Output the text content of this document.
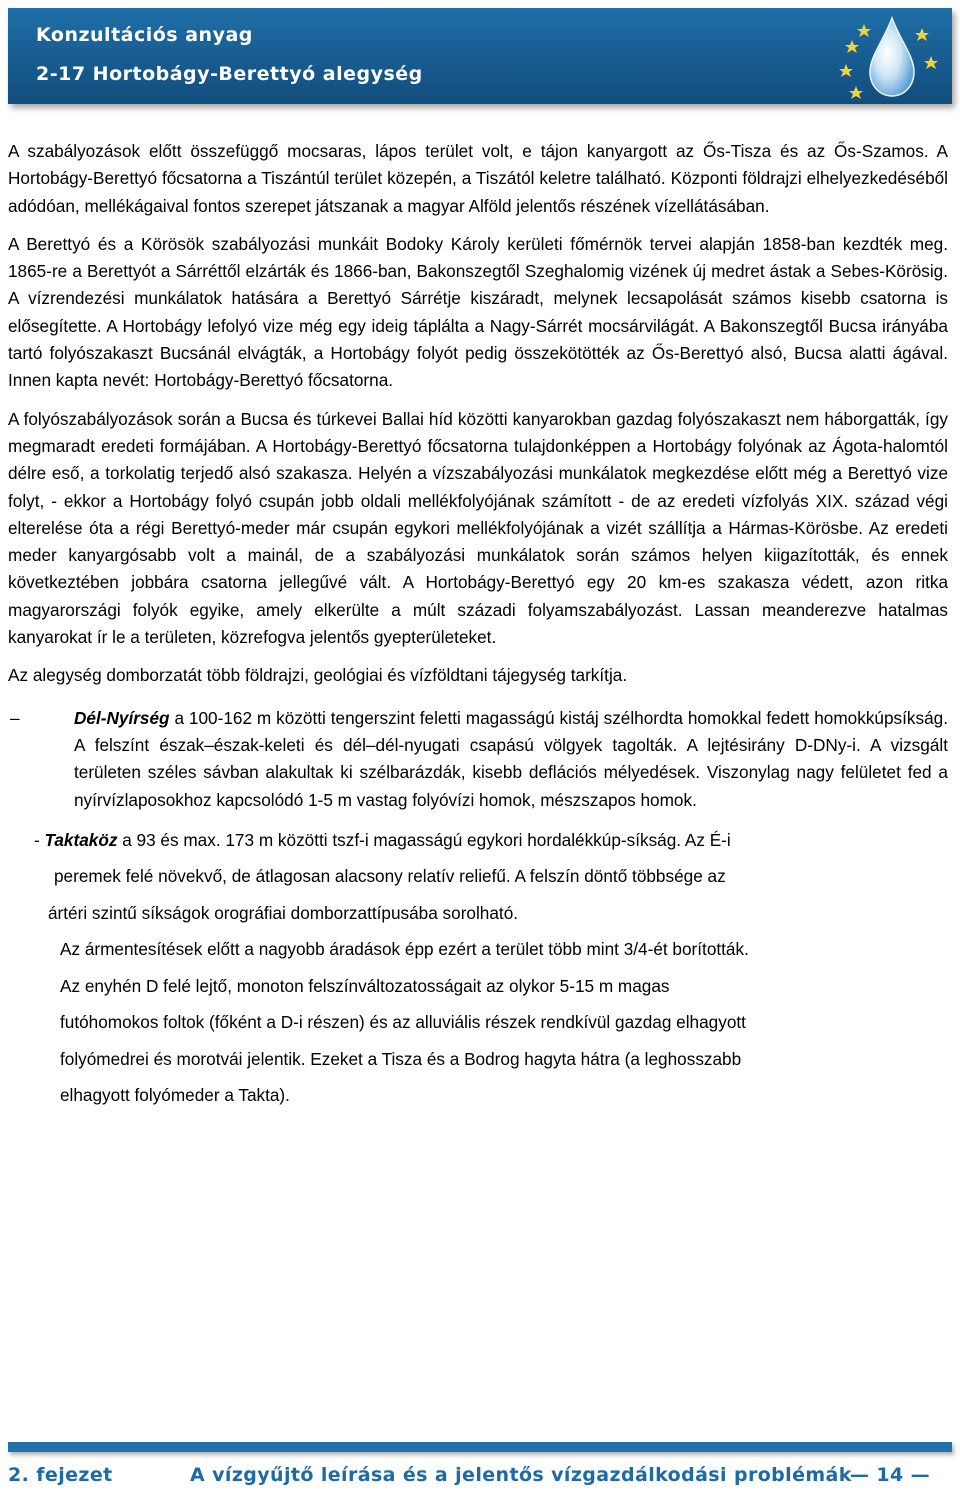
Konzultációs anyag
2-17 Hortobágy-Berettyó alegység

A szabályozások előtt összefüggő mocsaras, lápos terület volt, e tájon kanyargott az Ős-Tisza és az Ős-Szamos. A Hortobágy-Berettyó főcsatorna a Tiszántúl terület közepén, a Tiszától keletre található. Központi földrajzi elhelyezkedéséből adódóan, mellékágaival fontos szerepet játszanak a magyar Alföld jelentős részének vízellátásában.

A Berettyó és a Körösök szabályozási munkáit Bodoky Károly kerületi főmérnök tervei alapján 1858-ban kezdték meg. 1865-re a Berettyót a Sárréttől elzárták és 1866-ban, Bakonszegtől Szeghalomig vizének új medret ástak a Sebes-Körösig. A vízrendezési munkálatok hatására a Berettyó Sárrétje kiszáradt, melynek lecsapolását számos kisebb csatorna is elősegítette. A Hortobágy lefolyó vize még egy ideig táplálta a Nagy-Sárrét mocsárvilágát. A Bakonszegtől Bucsa irányába tartó folyószakaszt Bucsánál elvágták, a Hortobágy folyót pedig összekötötték az Ős-Berettyó alsó, Bucsa alatti ágával. Innen kapta nevét: Hortobágy-Berettyó főcsatorna.

A folyószabályozások során a Bucsa és túrkevei Ballai híd közötti kanyarokban gazdag folyószakaszt nem háborgatták, így megmaradt eredeti formájában. A Hortobágy-Berettyó főcsatorna tulajdonképpen a Hortobágy folyónak az Ágota-halomtól délre eső, a torkolatig terjedő alsó szakasza. Helyén a vízszabályozási munkálatok megkezdése előtt még a Berettyó vize folyt, - ekkor a Hortobágy folyó csupán jobb oldali mellékfolyójának számított - de az eredeti vízfolyás XIX. század végi elterelése óta a régi Berettyó-meder már csupán egykori mellékfolyójának a vizét szállítja a Hármas-Körösbe. Az eredeti meder kanyargósabb volt a mainál, de a szabályozási munkálatok során számos helyen kiigazították, és ennek következtében jobbára csatorna jellegűvé vált. A Hortobágy-Berettyó egy 20 km-es szakasza védett, azon ritka magyarországi folyók egyike, amely elkerülte a múlt századi folyamszabályozást. Lassan meanderezve hatalmas kanyarokat ír le a területen, közrefogva jelentős gyepterületeket.

Az alegység domborzatát több földrajzi, geológiai és vízföldtani tájegység tarkítja.

–	Dél-Nyírség a 100-162 m közötti tengerszint feletti magasságú kistáj szélhordta homokkal fedett homokkúpsíkság. A felszínt észak–észak-keleti és dél–dél-nyugati csapású völgyek tagolták. A lejtésirány D-DNy-i. A vizsgált területen széles sávban alakultak ki szélbarázdák, kisebb deflációs mélyedések. Viszonylag nagy felületet fed a nyírvízlaposokhoz kapcsolódó 1-5 m vastag folyóvízi homok, mészszapos homok.

- Taktaköz a 93 és max. 173 m közötti tszf-i magasságú egykori hordalékkúp-síkság. Az É-i
peremek felé növekvő, de átlagosan alacsony relatív reliefű. A felszín döntő többsége az
ártéri szintű síkságok orográfiai domborzattípusába sorolható.
Az ármentesítések előtt a nagyobb áradások épp ezért a terület több mint 3/4-ét borították.
Az enyhén D felé lejtő, monoton felszínváltozatosságait az olykor 5-15 m magas
futóhomokos foltok (főként a D-i részen) és az alluviális részek rendkívül gazdag elhagyott
folyómedrei és morotvái jelentik. Ezeket a Tisza és a Bodrog hagyta hátra (a leghosszabb
elhagyott folyómeder a Takta).
2. fejezet	A vízgyűjtő leírása és a jelentős vízgazdálkodási problémák
— 14 —
